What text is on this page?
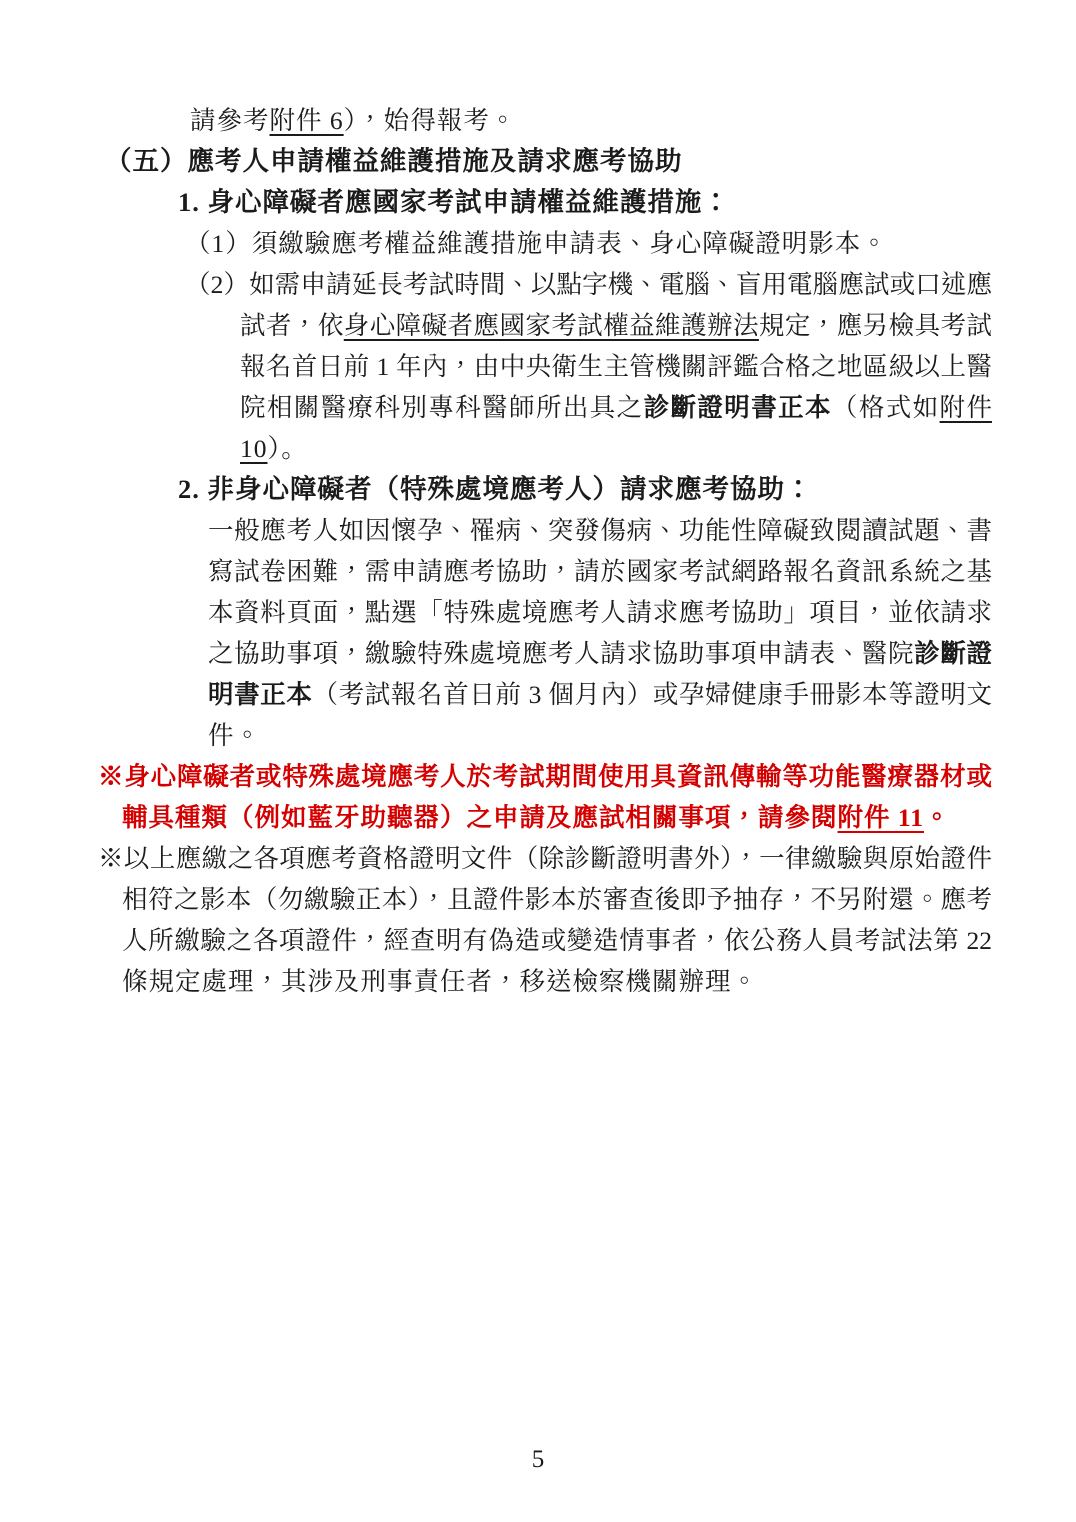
請參考附件 6），始得報考。
（五）應考人申請權益維護措施及請求應考協助
1. 身心障礙者應國家考試申請權益維護措施：
（1）須繳驗應考權益維護措施申請表、身心障礙證明影本。
（2）如需申請延長考試時間、以點字機、電腦、盲用電腦應試或口述應
試者，依身心障礙者應國家考試權益維護辦法規定，應另檢具考試
報名首日前 1 年內，由中央衛生主管機關評鑑合格之地區級以上醫
院相關醫療科別專科醫師所出具之診斷證明書正本（格式如附件
10）。
2. 非身心障礙者（特殊處境應考人）請求應考協助：
一般應考人如因懷孕、罹病、突發傷病、功能性障礙致閱讀試題、書
寫試卷困難，需申請應考協助，請於國家考試網路報名資訊系統之基
本資料頁面，點選「特殊處境應考人請求應考協助」項目，並依請求
之協助事項，繳驗特殊處境應考人請求協助事項申請表、醫院診斷證
明書正本（考試報名首日前 3 個月內）或孕婦健康手冊影本等證明文
件。
※身心障礙者或特殊處境應考人於考試期間使用具資訊傳輸等功能醫療器材或
輔具種類（例如藍牙助聽器）之申請及應試相關事項，請參閱附件 11。
※以上應繳之各項應考資格證明文件（除診斷證明書外），一律繳驗與原始證件
相符之影本（勿繳驗正本），且證件影本於審查後即予抽存，不另附還。應考
人所繳驗之各項證件，經查明有偽造或變造情事者，依公務人員考試法第 22
條規定處理，其涉及刑事責任者，移送檢察機關辦理。
5
